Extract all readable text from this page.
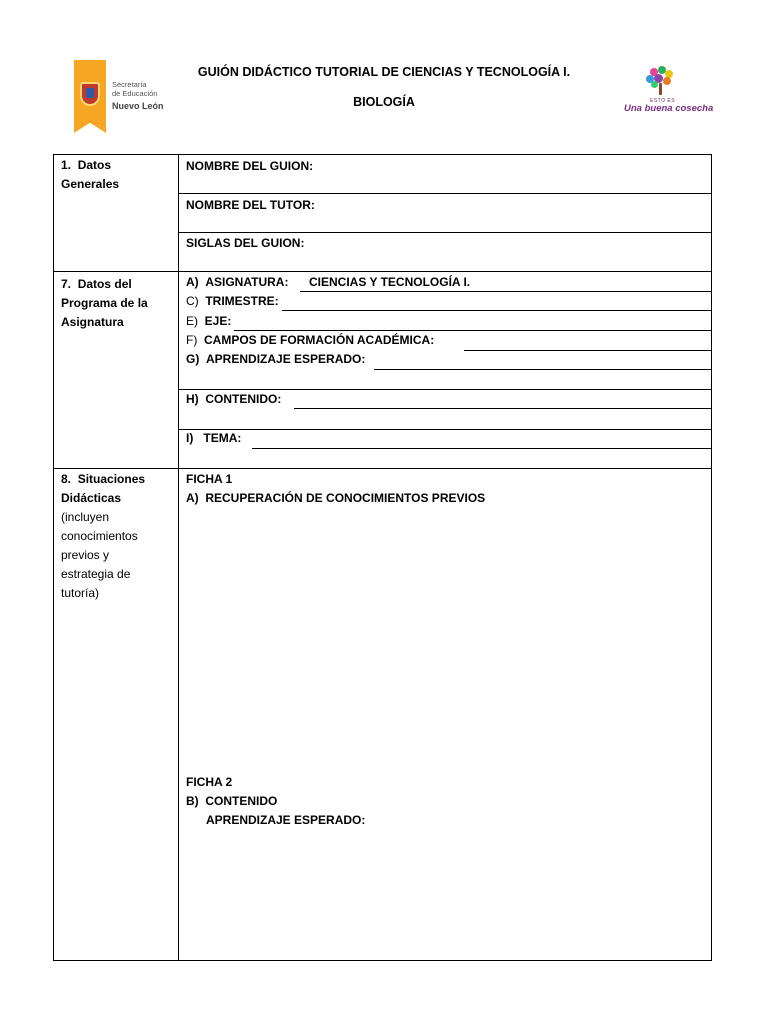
GUIÓN DIDÁCTICO TUTORIAL DE CIENCIAS Y TECNOLOGÍA I.
BIOLOGÍA
Secretaría
de Educación
Nuevo León	ESTO ES
Una buena cosecha
1. Datos
Generales
NOMBRE DEL GUION:
NOMBRE DEL TUTOR:
SIGLAS DEL GUION:
7. Datos del
Programa de la
Asignatura
A) ASIGNATURA: CIENCIAS Y TECNOLOGÍA I.
C) TRIMESTRE:
E) EJE:
F) CAMPOS DE FORMACIÓN ACADÉMICA:
G) APRENDIZAJE ESPERADO:
H) CONTENIDO:
I) TEMA:
8. Situaciones
Didácticas
(incluyen
conocimientos
previos y
estrategia de
tutoría)
FICHA 1
A) RECUPERACIÓN DE CONOCIMIENTOS PREVIOS
FICHA 2
B) CONTENIDO
APRENDIZAJE ESPERADO:
